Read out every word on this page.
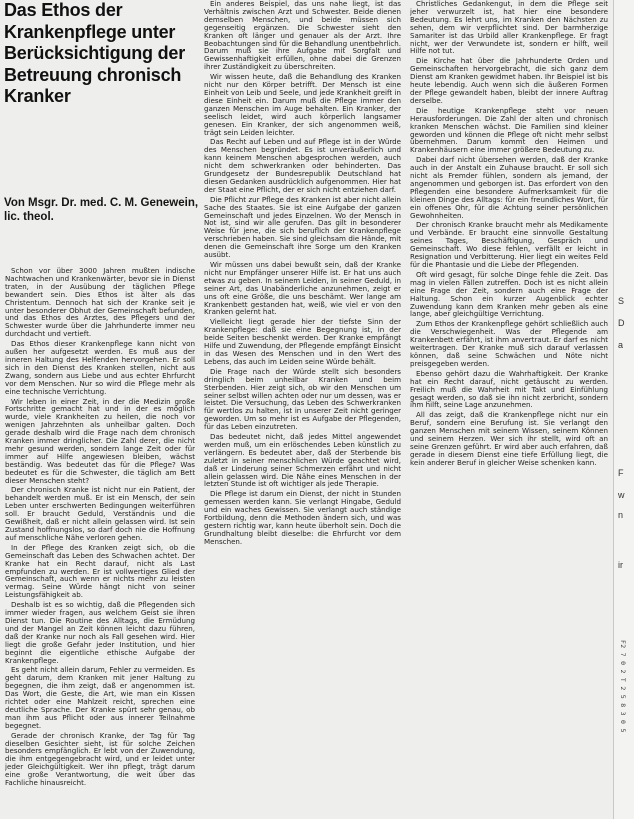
Das Ethos der
Krankenpflege unter
Berücksichtigung der
Betreuung chronisch
Kranker
Von Msgr. Dr. med. C. M. Genewein,
lic. theol.

Schon vor über 3000 Jahren mußten indische Nachtwachen und Krankenwärter, bevor sie in Dienst traten, in der Ausübung der täglichen Pflege bewandert sein. Dies Ethos ist älter als das Christentum. Dennoch hat sich der Kranke seit je unter besonderer Obhut der Gemeinschaft befunden, und das Ethos des Arztes, des Pflegers und der Schwester wurde über die Jahrhunderte immer neu durchdacht und vertieft.

Das Ethos dieser Krankenpflege kann nicht von außen her aufgesetzt werden. Es muß aus der inneren Haltung des Helfenden hervorgehen. Er soll sich in den Dienst des Kranken stellen, nicht aus Zwang, sondern aus Liebe und aus echter Ehrfurcht vor dem Menschen. Nur so wird die Pflege mehr als eine technische Verrichtung.

Wir leben in einer Zeit, in der die Medizin große Fortschritte gemacht hat und in der es möglich wurde, viele Krankheiten zu heilen, die noch vor wenigen Jahrzehnten als unheilbar galten. Doch gerade deshalb wird die Frage nach dem chronisch Kranken immer dringlicher. Die Zahl derer, die nicht mehr gesund werden, sondern lange Zeit oder für immer auf Hilfe angewiesen bleiben, wächst beständig. Was bedeutet das für die Pflege? Was bedeutet es für die Schwester, die täglich am Bett dieser Menschen steht?

Der chronisch Kranke ist nicht nur ein Patient, der behandelt werden muß. Er ist ein Mensch, der sein Leben unter erschwerten Bedingungen weiterführen soll. Er braucht Geduld, Verständnis und die Gewißheit, daß er nicht allein gelassen wird. Ist sein Zustand hoffnungslos, so darf doch nie die Hoffnung auf menschliche Nähe verloren gehen.

In der Pflege des Kranken zeigt sich, ob die Gemeinschaft das Leben des Schwachen achtet. Der Kranke hat ein Recht darauf, nicht als Last empfunden zu werden. Er ist vollwertiges Glied der Gemeinschaft, auch wenn er nichts mehr zu leisten vermag. Seine Würde hängt nicht von seiner Leistungsfähigkeit ab.

Deshalb ist es so wichtig, daß die Pflegenden sich immer wieder fragen, aus welchem Geist sie ihren Dienst tun. Die Routine des Alltags, die Ermüdung und der Mangel an Zeit können leicht dazu führen, daß der Kranke nur noch als Fall gesehen wird. Hier liegt die große Gefahr jeder Institution, und hier beginnt die eigentliche ethische Aufgabe der Krankenpflege.

Es geht nicht allein darum, Fehler zu vermeiden. Es geht darum, dem Kranken mit jener Haltung zu begegnen, die ihm zeigt, daß er angenommen ist. Das Wort, die Geste, die Art, wie man ein Kissen richtet oder eine Mahlzeit reicht, sprechen eine deutliche Sprache. Der Kranke spürt sehr genau, ob man ihm aus Pflicht oder aus innerer Teilnahme begegnet.

Gerade der chronisch Kranke, der Tag für Tag dieselben Gesichter sieht, ist für solche Zeichen besonders empfänglich. Er lebt von der Zuwendung, die ihm entgegengebracht wird, und er leidet unter jeder Gleichgültigkeit. Wer ihn pflegt, trägt darum eine große Verantwortung, die weit über das Fachliche hinausreicht.

Ein anderes Beispiel, das uns nahe liegt, ist das Verhältnis zwischen Arzt und Schwester. Beide dienen demselben Menschen, und beide müssen sich gegenseitig ergänzen. Die Schwester sieht den Kranken oft länger und genauer als der Arzt. Ihre Beobachtungen sind für die Behandlung unentbehrlich. Darum muß sie ihre Aufgabe mit Sorgfalt und Gewissenhaftigkeit erfüllen, ohne dabei die Grenzen ihrer Zuständigkeit zu überschreiten.

Wir wissen heute, daß die Behandlung des Kranken nicht nur den Körper betrifft. Der Mensch ist eine Einheit von Leib und Seele, und jede Krankheit greift in diese Einheit ein. Darum muß die Pflege immer den ganzen Menschen im Auge behalten. Ein Kranker, der seelisch leidet, wird auch körperlich langsamer genesen. Ein Kranker, der sich angenommen weiß, trägt sein Leiden leichter.

Das Recht auf Leben und auf Pflege ist in der Würde des Menschen begründet. Es ist unveräußerlich und kann keinem Menschen abgesprochen werden, auch nicht dem schwerkranken oder behinderten. Das Grundgesetz der Bundesrepublik Deutschland hat diesen Gedanken ausdrücklich aufgenommen. Hier hat der Staat eine Pflicht, der er sich nicht entziehen darf.

Die Pflicht zur Pflege des Kranken ist aber nicht allein Sache des Staates. Sie ist eine Aufgabe der ganzen Gemeinschaft und jedes Einzelnen. Wo der Mensch in Not ist, sind wir alle gerufen. Das gilt in besonderer Weise für jene, die sich beruflich der Krankenpflege verschrieben haben. Sie sind gleichsam die Hände, mit denen die Gemeinschaft ihre Sorge um den Kranken ausübt.

Wir müssen uns dabei bewußt sein, daß der Kranke nicht nur Empfänger unserer Hilfe ist. Er hat uns auch etwas zu geben. In seinem Leiden, in seiner Geduld, in seiner Art, das Unabänderliche anzunehmen, zeigt er uns oft eine Größe, die uns beschämt. Wer lange am Krankenbett gestanden hat, weiß, wie viel er von den Kranken gelernt hat.

Vielleicht liegt gerade hier der tiefste Sinn der Krankenpflege: daß sie eine Begegnung ist, in der beide Seiten beschenkt werden. Der Kranke empfängt Hilfe und Zuwendung, der Pflegende empfängt Einsicht in das Wesen des Menschen und in den Wert des Lebens, das auch im Leiden seine Würde behält.

Die Frage nach der Würde stellt sich besonders dringlich beim unheilbar Kranken und beim Sterbenden. Hier zeigt sich, ob wir den Menschen um seiner selbst willen achten oder nur um dessen, was er leistet. Die Versuchung, das Leben des Schwerkranken für wertlos zu halten, ist in unserer Zeit nicht geringer geworden. Um so mehr ist es Aufgabe der Pflegenden, für das Leben einzutreten.

Das bedeutet nicht, daß jedes Mittel angewendet werden muß, um ein erlöschendes Leben künstlich zu verlängern. Es bedeutet aber, daß der Sterbende bis zuletzt in seiner menschlichen Würde geachtet wird, daß er Linderung seiner Schmerzen erfährt und nicht allein gelassen wird. Die Nähe eines Menschen in der letzten Stunde ist oft wichtiger als jede Therapie.

Die Pflege ist darum ein Dienst, der nicht in Stunden gemessen werden kann. Sie verlangt Hingabe, Geduld und ein waches Gewissen. Sie verlangt auch ständige Fortbildung, denn die Methoden ändern sich, und was gestern richtig war, kann heute überholt sein. Doch die Grundhaltung bleibt dieselbe: die Ehrfurcht vor dem Menschen.

Christliches Gedankengut, in dem die Pflege seit jeher verwurzelt ist, hat hier eine besondere Bedeutung. Es lehrt uns, im Kranken den Nächsten zu sehen, dem wir verpflichtet sind. Der barmherzige Samariter ist das Urbild aller Krankenpflege. Er fragt nicht, wer der Verwundete ist, sondern er hilft, weil Hilfe not tut.

Die Kirche hat über die Jahrhunderte Orden und Gemeinschaften hervorgebracht, die sich ganz dem Dienst am Kranken gewidmet haben. Ihr Beispiel ist bis heute lebendig. Auch wenn sich die äußeren Formen der Pflege gewandelt haben, bleibt der innere Auftrag derselbe.

Die heutige Krankenpflege steht vor neuen Herausforderungen. Die Zahl der alten und chronisch kranken Menschen wächst. Die Familien sind kleiner geworden und können die Pflege oft nicht mehr selbst übernehmen. Darum kommt den Heimen und Krankenhäusern eine immer größere Bedeutung zu.

Dabei darf nicht übersehen werden, daß der Kranke auch in der Anstalt ein Zuhause braucht. Er soll sich nicht als Fremder fühlen, sondern als jemand, der angenommen und geborgen ist. Das erfordert von den Pflegenden eine besondere Aufmerksamkeit für die kleinen Dinge des Alltags: für ein freundliches Wort, für ein offenes Ohr, für die Achtung seiner persönlichen Gewohnheiten.

Der chronisch Kranke braucht mehr als Medikamente und Verbände. Er braucht eine sinnvolle Gestaltung seines Tages, Beschäftigung, Gespräch und Gemeinschaft. Wo diese fehlen, verfällt er leicht in Resignation und Verbitterung. Hier liegt ein weites Feld für die Phantasie und die Liebe der Pflegenden.

Oft wird gesagt, für solche Dinge fehle die Zeit. Das mag in vielen Fällen zutreffen. Doch ist es nicht allein eine Frage der Zeit, sondern auch eine Frage der Haltung. Schon ein kurzer Augenblick echter Zuwendung kann dem Kranken mehr geben als eine lange, aber gleichgültige Verrichtung.

Zum Ethos der Krankenpflege gehört schließlich auch die Verschwiegenheit. Was der Pflegende am Krankenbett erfährt, ist ihm anvertraut. Er darf es nicht weitertragen. Der Kranke muß sich darauf verlassen können, daß seine Schwächen und Nöte nicht preisgegeben werden.

Ebenso gehört dazu die Wahrhaftigkeit. Der Kranke hat ein Recht darauf, nicht getäuscht zu werden. Freilich muß die Wahrheit mit Takt und Einfühlung gesagt werden, so daß sie ihn nicht zerbricht, sondern ihm hilft, seine Lage anzunehmen.

All das zeigt, daß die Krankenpflege nicht nur ein Beruf, sondern eine Berufung ist. Sie verlangt den ganzen Menschen mit seinem Wissen, seinem Können und seinem Herzen. Wer sich ihr stellt, wird oft an seine Grenzen geführt. Er wird aber auch erfahren, daß gerade in diesem Dienst eine tiefe Erfüllung liegt, die kein anderer Beruf in gleicher Weise schenken kann.

S
D
a
F
w
n
ir
F2 7 0 2 T 2 5 8 3 0 5
